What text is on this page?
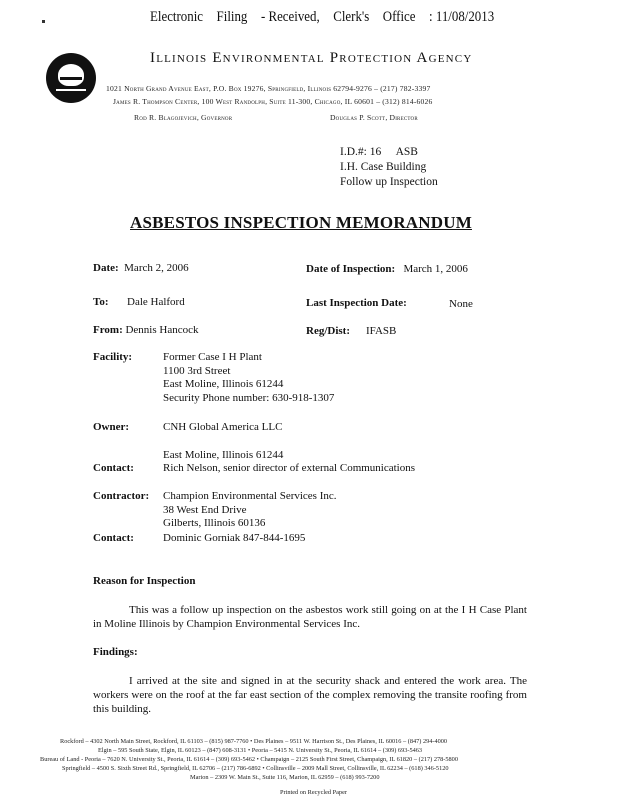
Electronic Filing - Received, Clerk's Office : 11/08/2013
Illinois Environmental Protection Agency
1021 North Grand Avenue East, P.O. Box 19276, Springfield, Illinois 62794-9276 – (217) 782-3397
James R. Thompson Center, 100 West Randolph, Suite 11-300, Chicago, IL 60601 – (312) 814-6026
Rod R. Blagojevich, Governor	Douglas P. Scott, Director
I.D.#: 16 ASB
I.H. Case Building
Follow up Inspection
ASBESTOS INSPECTION MEMORANDUM
Date: March 2, 2006	Date of Inspection: March 1, 2006
To: Dale Halford	Last Inspection Date:	None
From: Dennis Hancock	Reg/Dist: IFASB
Facility:	Former Case I H Plant
1100 3rd Street
East Moline, Illinois 61244
Security Phone number: 630-918-1307
Owner:	CNH Global America LLC
East Moline, Illinois 61244
Contact:	Rich Nelson, senior director of external Communications
Contractor: Champion Environmental Services Inc.
38 West End Drive
Gilberts, Illinois 60136
Contact:	Dominic Gorniak 847-844-1695
Reason for Inspection
This was a follow up inspection on the asbestos work still going on at the I H Case Plant in Moline Illinois by Champion Environmental Services Inc.
Findings:
I arrived at the site and signed in at the security shack and entered the work area. The workers were on the roof at the far east section of the complex removing the transite roofing from this building.
Rockford – 4302 North Main Street, Rockford, IL 61103 – (815) 987-7760 • Des Plaines – 9511 W. Harrison St., Des Plaines, IL 60016 – (847) 294-4000
Elgin – 595 South State, Elgin, IL 60123 – (847) 608-3131 • Peoria – 5415 N. University St., Peoria, IL 61614 – (309) 693-5463
Bureau of Land - Peoria – 7620 N. University St., Peoria, IL 61614 – (309) 693-5462 • Champaign – 2125 South First Street, Champaign, IL 61820 – (217) 278-5800
Springfield – 4500 S. Sixth Street Rd., Springfield, IL 62706 – (217) 786-6892 • Collinsville – 2009 Mall Street, Collinsville, IL 62234 – (618) 346-5120
Marion – 2309 W. Main St., Suite 116, Marion, IL 62959 – (618) 993-7200
Printed on Recycled Paper
